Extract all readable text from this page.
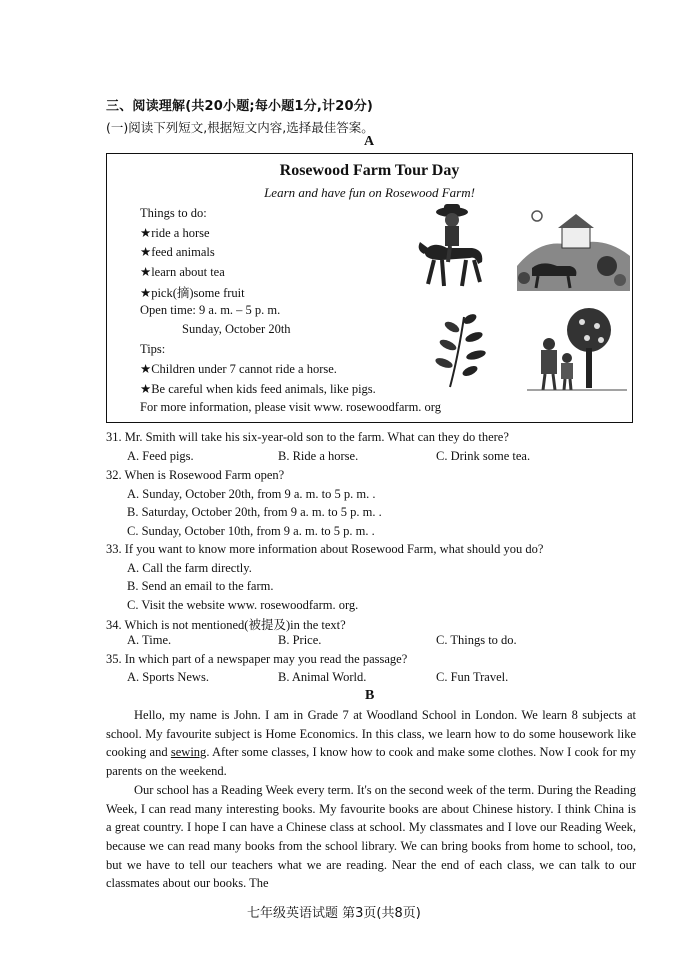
三、阅读理解(共20小题;每小题1分,计20分)
(一)阅读下列短文,根据短文内容,选择最佳答案。
A
Rosewood Farm Tour Day
Learn and have fun on Rosewood Farm!
Things to do:
★ride a horse
★feed animals
★learn about tea
★pick(摘)some fruit
Open time: 9 a. m. – 5 p. m.
Sunday, October 20th
Tips:
★Children under 7 cannot ride a horse.
★Be careful when kids feed animals, like pigs.
For more information, please visit www. rosewoodfarm. org
31. Mr. Smith will take his six-year-old son to the farm. What can they do there?
A. Feed pigs.	B. Ride a horse.	C. Drink some tea.
32. When is Rosewood Farm open?
A. Sunday, October 20th, from 9 a. m. to 5 p. m. .
B. Saturday, October 20th, from 9 a. m. to 5 p. m. .
C. Sunday, October 10th, from 9 a. m. to 5 p. m. .
33. If you want to know more information about Rosewood Farm, what should you do?
A. Call the farm directly.
B. Send an email to the farm.
C. Visit the website www. rosewoodfarm. org.
34. Which is not mentioned(被提及)in the text?
A. Time.	B. Price.	C. Things to do.
35. In which part of a newspaper may you read the passage?
A. Sports News.	B. Animal World.	C. Fun Travel.
B

Hello, my name is John. I am in Grade 7 at Woodland School in London. We learn 8 subjects at school. My favourite subject is Home Economics. In this class, we learn how to do some housework like cooking and sewing. After some classes, I know how to cook and make some clothes. Now I cook for my parents on the weekend.

Our school has a Reading Week every term. It's on the second week of the term. During the Reading Week, I can read many interesting books. My favourite books are about Chinese history. I think China is a great country. I hope I can have a Chinese class at school. My classmates and I love our Reading Week, because we can read many books from the school library. We can bring books from home to school, too, but we have to tell our teachers what we are reading. Near the end of each class, we can talk to our classmates about our books. The

七年级英语试题 第3页(共8页)
